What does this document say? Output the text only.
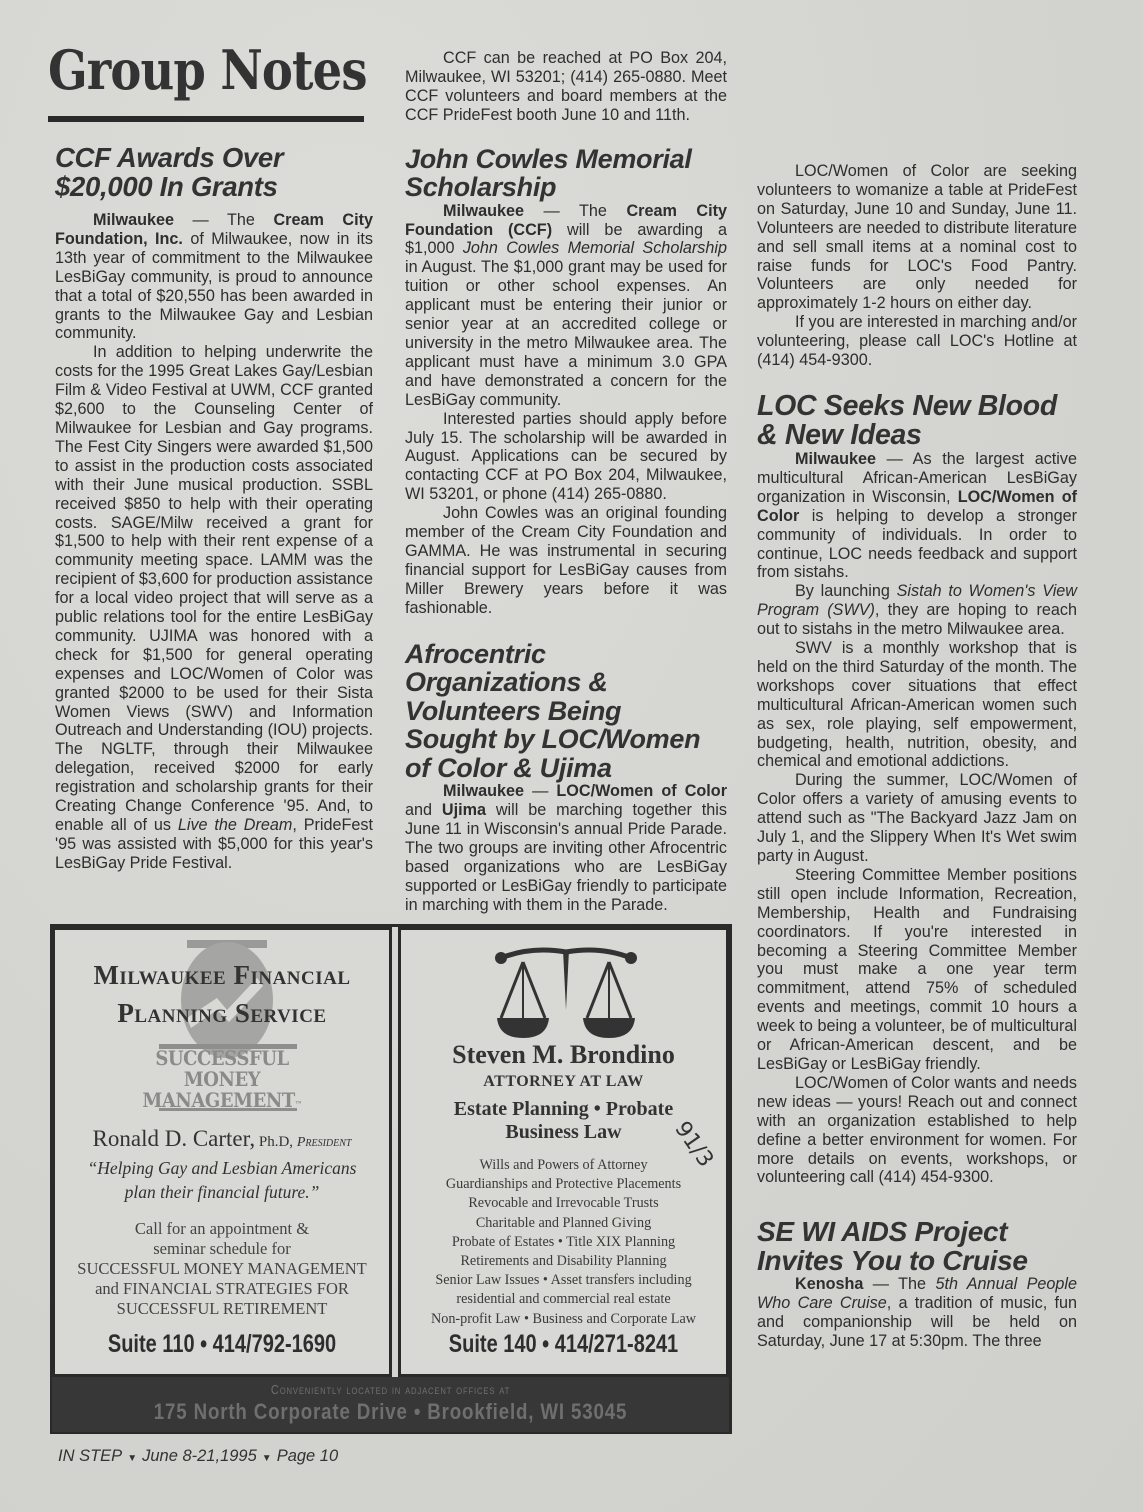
Group Notes
CCF Awards Over $20,000 In Grants

Milwaukee — The Cream City Foundation, Inc. of Milwaukee, now in its 13th year of commitment to the Milwaukee LesBiGay community, is proud to announce that a total of $20,550 has been awarded in grants to the Milwaukee Gay and Lesbian community.

In addition to helping underwrite the costs for the 1995 Great Lakes Gay/Lesbian Film & Video Festival at UWM, CCF granted $2,600 to the Counseling Center of Milwaukee for Lesbian and Gay programs. The Fest City Singers were awarded $1,500 to assist in the production costs associated with their June musical production. SSBL received $850 to help with their operating costs. SAGE/Milw received a grant for $1,500 to help with their rent expense of a community meeting space. LAMM was the recipient of $3,600 for production assistance for a local video project that will serve as a public relations tool for the entire LesBiGay community. UJIMA was honored with a check for $1,500 for general operating expenses and LOC/Women of Color was granted $2000 to be used for their Sista Women Views (SWV) and Information Outreach and Understanding (IOU) projects. The NGLTF, through their Milwaukee delegation, received $2000 for early registration and scholarship grants for their Creating Change Conference '95. And, to enable all of us Live the Dream, PrideFest '95 was assisted with $5,000 for this year's LesBiGay Pride Festival.

CCF can be reached at PO Box 204, Milwaukee, WI 53201; (414) 265-0880. Meet CCF volunteers and board members at the CCF PrideFest booth June 10 and 11th.

John Cowles Memorial Scholarship

Milwaukee — The Cream City Foundation (CCF) will be awarding a $1,000 John Cowles Memorial Scholarship in August. The $1,000 grant may be used for tuition or other school expenses. An applicant must be entering their junior or senior year at an accredited college or university in the metro Milwaukee area. The applicant must have a minimum 3.0 GPA and have demonstrated a concern for the LesBiGay community.

Interested parties should apply before July 15. The scholarship will be awarded in August. Applications can be secured by contacting CCF at PO Box 204, Milwaukee, WI 53201, or phone (414) 265-0880.

John Cowles was an original founding member of the Cream City Foundation and GAMMA. He was instrumental in securing financial support for LesBiGay causes from Miller Brewery years before it was fashionable.

Afrocentric Organizations & Volunteers Being Sought by LOC/Women of Color & Ujima

Milwaukee — LOC/Women of Color and Ujima will be marching together this June 11 in Wisconsin's annual Pride Parade. The two groups are inviting other Afrocentric based organizations who are LesBiGay supported or LesBiGay friendly to participate in marching with them in the Parade.

LOC/Women of Color are seeking volunteers to womanize a table at PrideFest on Saturday, June 10 and Sunday, June 11. Volunteers are needed to distribute literature and sell small items at a nominal cost to raise funds for LOC's Food Pantry. Volunteers are only needed for approximately 1-2 hours on either day.

If you are interested in marching and/or volunteering, please call LOC's Hotline at (414) 454-9300.

LOC Seeks New Blood & New Ideas

Milwaukee — As the largest active multicultural African-American LesBiGay organization in Wisconsin, LOC/Women of Color is helping to develop a stronger community of individuals. In order to continue, LOC needs feedback and support from sistahs.

By launching Sistah to Women's View Program (SWV), they are hoping to reach out to sistahs in the metro Milwaukee area.

SWV is a monthly workshop that is held on the third Saturday of the month. The workshops cover situations that effect multicultural African-American women such as sex, role playing, self empowerment, budgeting, health, nutrition, obesity, and chemical and emotional addictions.

During the summer, LOC/Women of Color offers a variety of amusing events to attend such as "The Backyard Jazz Jam on July 1, and the Slippery When It's Wet swim party in August.

Steering Committee Member positions still open include Information, Recreation, Membership, Health and Fundraising coordinators. If you're interested in becoming a Steering Committee Member you must make a one year term commitment, attend 75% of scheduled events and meetings, commit 10 hours a week to being a volunteer, be of multicultural or African-American descent, and be LesBiGay or LesBiGay friendly.

LOC/Women of Color wants and needs new ideas — yours! Reach out and connect with an organization established to help define a better environment for women. For more details on events, workshops, or volunteering call (414) 454-9300.

SE WI AIDS Project Invites You to Cruise

Kenosha — The 5th Annual People Who Care Cruise, a tradition of music, fun and companionship will be held on Saturday, June 17 at 5:30pm. The three

Milwaukee Financial
Planning Service
SUCCESSFUL
MONEY
MANAGEMENT™
Ronald D. Carter, Ph.D, President
“Helping Gay and Lesbian Americans
plan their financial future.”
Call for an appointment &
seminar schedule for
SUCCESSFUL MONEY MANAGEMENT
and FINANCIAL STRATEGIES FOR
SUCCESSFUL RETIREMENT
Suite 110 • 414/792-1690
Steven M. Brondino
ATTORNEY AT LAW
Estate Planning • Probate
Business Law
Wills and Powers of Attorney
Guardianships and Protective Placements
Revocable and Irrevocable Trusts
Charitable and Planned Giving
Probate of Estates • Title XIX Planning
Retirements and Disability Planning
Senior Law Issues • Asset transfers including
residential and commercial real estate
Non-profit Law • Business and Corporate Law
91/3
Suite 140 • 414/271-8241
Conveniently located in adjacent offices at
175 North Corporate Drive • Brookfield, WI 53045
IN STEP ▼ June 8-21,1995 ▼ Page 10
